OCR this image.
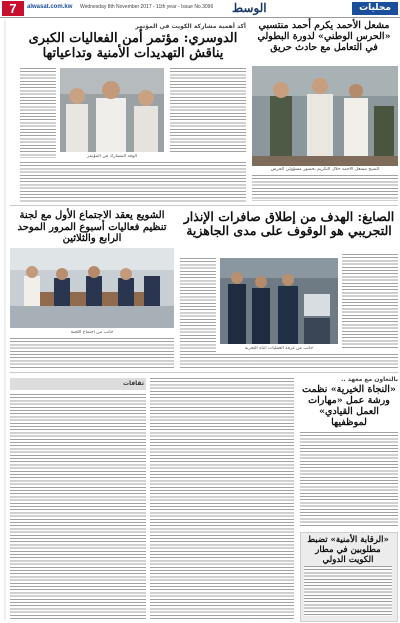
7	alwasat.com.kw Wednesday 8th November 2017 - 11th year - Issue No.3096	الوسط	محليات
مشعل الأحمد يكرم أحمد منتسبي «الحرس الوطني» لدورة البطولي في التعامل مع حادث حريق
الشيخ مشعل الأحمد خلال التكريم بحضور مسؤولي الحرس
أكد أهمية مشاركة الكويت في المؤتمر
الدوسري: مؤتمر أمن الفعاليات الكبرى يناقش التهديدات الأمنية وتداعياتها
الوفد المشارك في المؤتمر
الصايغ: الهدف من إطلاق صافرات الإنذار التجريبي هو الوقوف على مدى الجاهزية
جانب من غرفة العمليات أثناء التجربة
الشويع يعقد الاجتماع الأول مع لجنة تنظيم فعاليات أسبوع المرور الموحد الرابع والثلاثين
جانب من اجتماع اللجنة
بالتعاون مع معهد ..
«النجاة الخيرية» نظمت ورشة عمل «مهارات العمل القيادي» لموظفيها
«الرقابة الأمنية» تضبط مطلوبين في مطار الكويت الدولي
ثقافات
